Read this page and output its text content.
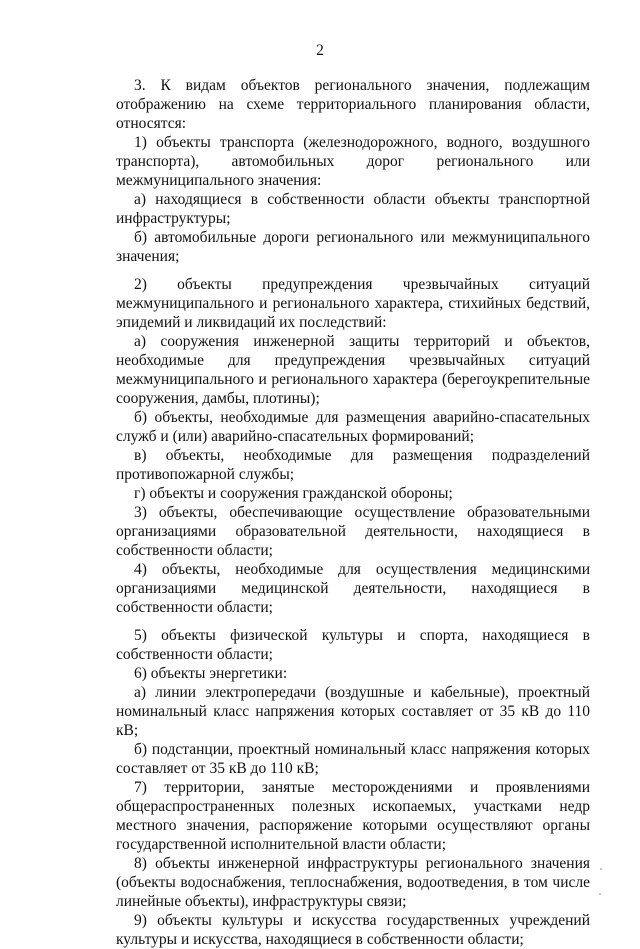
2

3. К видам объектов регионального значения, подлежащим отображению на схеме территориального планирования области, относятся:

1) объекты транспорта (железнодорожного, водного, воздушного транспорта), автомобильных дорог регионального или межмуниципального значения:

а) находящиеся в собственности области объекты транспортной инфраструктуры;

б) автомобильные дороги регионального или межмуниципального значения;

2) объекты предупреждения чрезвычайных ситуаций межмуниципального и регионального характера, стихийных бедствий, эпидемий и ликвидаций их последствий:

а) сооружения инженерной защиты территорий и объектов, необходимые для предупреждения чрезвычайных ситуаций межмуниципального и регионального характера (берегоукрепительные сооружения, дамбы, плотины);

б) объекты, необходимые для размещения аварийно-спасательных служб и (или) аварийно-спасательных формирований;

в) объекты, необходимые для размещения подразделений противопожарной службы;

г) объекты и сооружения гражданской обороны;

3) объекты, обеспечивающие осуществление образовательными организациями образовательной деятельности, находящиеся в собственности области;

4) объекты, необходимые для осуществления медицинскими организациями медицинской деятельности, находящиеся в собственности области;

5) объекты физической культуры и спорта, находящиеся в собственности области;

6) объекты энергетики:

а) линии электропередачи (воздушные и кабельные), проектный номинальный класс напряжения которых составляет от 35 кВ до 110 кВ;

б) подстанции, проектный номинальный класс напряжения которых составляет от 35 кВ до 110 кВ;

7) территории, занятые месторождениями и проявлениями общераспространенных полезных ископаемых, участками недр местного значения, распоряжение которыми осуществляют органы государственной исполнительной власти области;

8) объекты инженерной инфраструктуры регионального значения (объекты водоснабжения, теплоснабжения, водоотведения, в том числе линейные объекты), инфраструктуры связи;

9) объекты культуры и искусства государственных учреждений культуры и искусства, находящиеся в собственности области;
